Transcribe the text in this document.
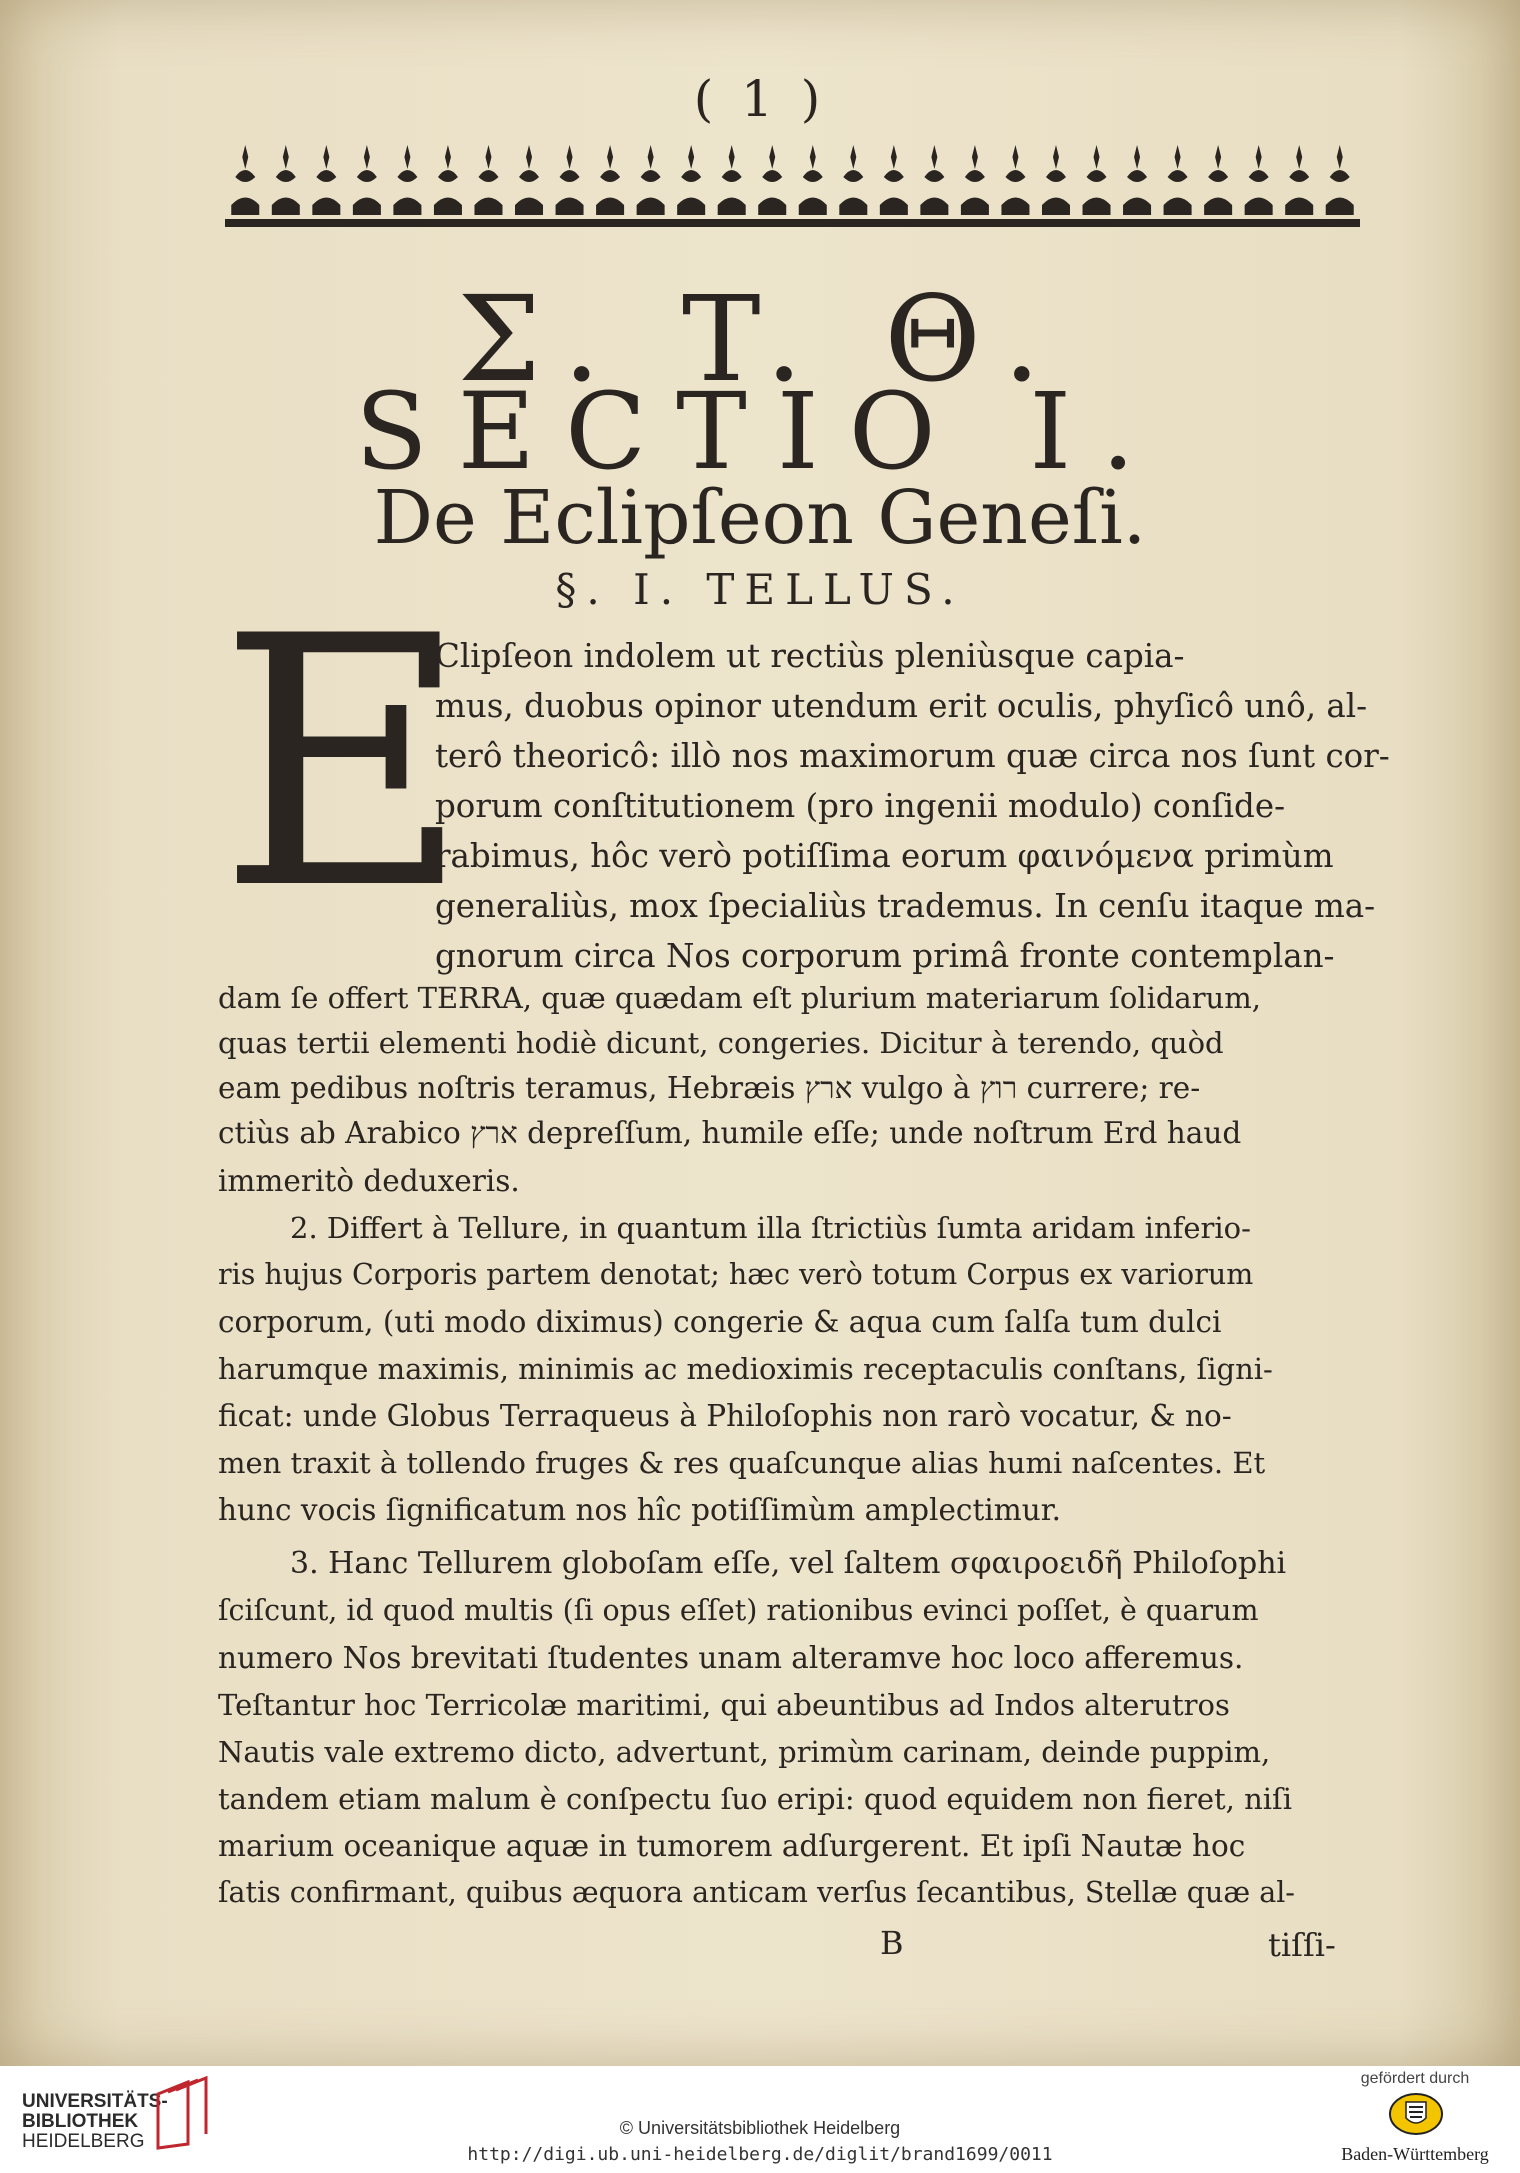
( 1 )
Σ. T. Θ.
SECTIO I.
De Eclipſeon Geneſi.
§. I. TELLUS.
E
Clipſeon indolem ut rectiùs pleniùsque capia-
mus, duobus opinor utendum erit oculis, phyſicô unô, al-
terô theoricô: illò nos maximorum quæ circa nos ſunt cor-
porum conſtitutionem (pro ingenii modulo) conſide-
rabimus, hôc verò potiſſima eorum φαινόμενα primùm
generaliùs, mox ſpecialiùs trademus. In cenſu itaque ma-
gnorum circa Nos corporum primâ fronte contemplan-
dam ſe offert TERRA, quæ quædam eſt plurium materiarum ſolidarum,
quas tertii elementi hodiè dicunt, congeries. Dicitur à terendo, quòd
eam pedibus noſtris teramus, Hebræis ארץ vulgo à רוץ currere; re-
ctiùs ab Arabico ארץ depreſſum, humile eſſe; unde noſtrum Erd haud
immeritò deduxeris.
2. Differt à Tellure, in quantum illa ſtrictiùs ſumta aridam inferio-
ris hujus Corporis partem denotat; hæc verò totum Corpus ex variorum
corporum, (uti modo diximus) congerie & aqua cum ſalſa tum dulci
harumque maximis, minimis ac medioximis receptaculis conſtans, ſigni-
ficat: unde Globus Terraqueus à Philoſophis non rarò vocatur, & no-
men traxit à tollendo fruges & res quaſcunque alias humi naſcentes. Et
hunc vocis ſignificatum nos hîc potiſſimùm amplectimur.
3. Hanc Tellurem globoſam eſſe, vel ſaltem σφαιροειδῆ Philoſophi
ſciſcunt, id quod multis (ſi opus eſſet) rationibus evinci poſſet, è quarum
numero Nos brevitati ſtudentes unam alteramve hoc loco afferemus.
Teſtantur hoc Terricolæ maritimi, qui abeuntibus ad Indos alterutros
Nautis vale extremo dicto, advertunt, primùm carinam, deinde puppim,
tandem etiam malum è conſpectu ſuo eripi: quod equidem non fieret, niſi
marium oceanique aquæ in tumorem adſurgerent. Et ipſi Nautæ hoc
ſatis confirmant, quibus æquora anticam verſus ſecantibus, Stellæ quæ al-
B	tiſſi-
UNIVERSITÄTS-
BIBLIOTHEK
HEIDELBERG
© Universitätsbibliothek Heidelberg
http://digi.ub.uni-heidelberg.de/diglit/brand1699/0011
gefördert durch
Baden-Württemberg
